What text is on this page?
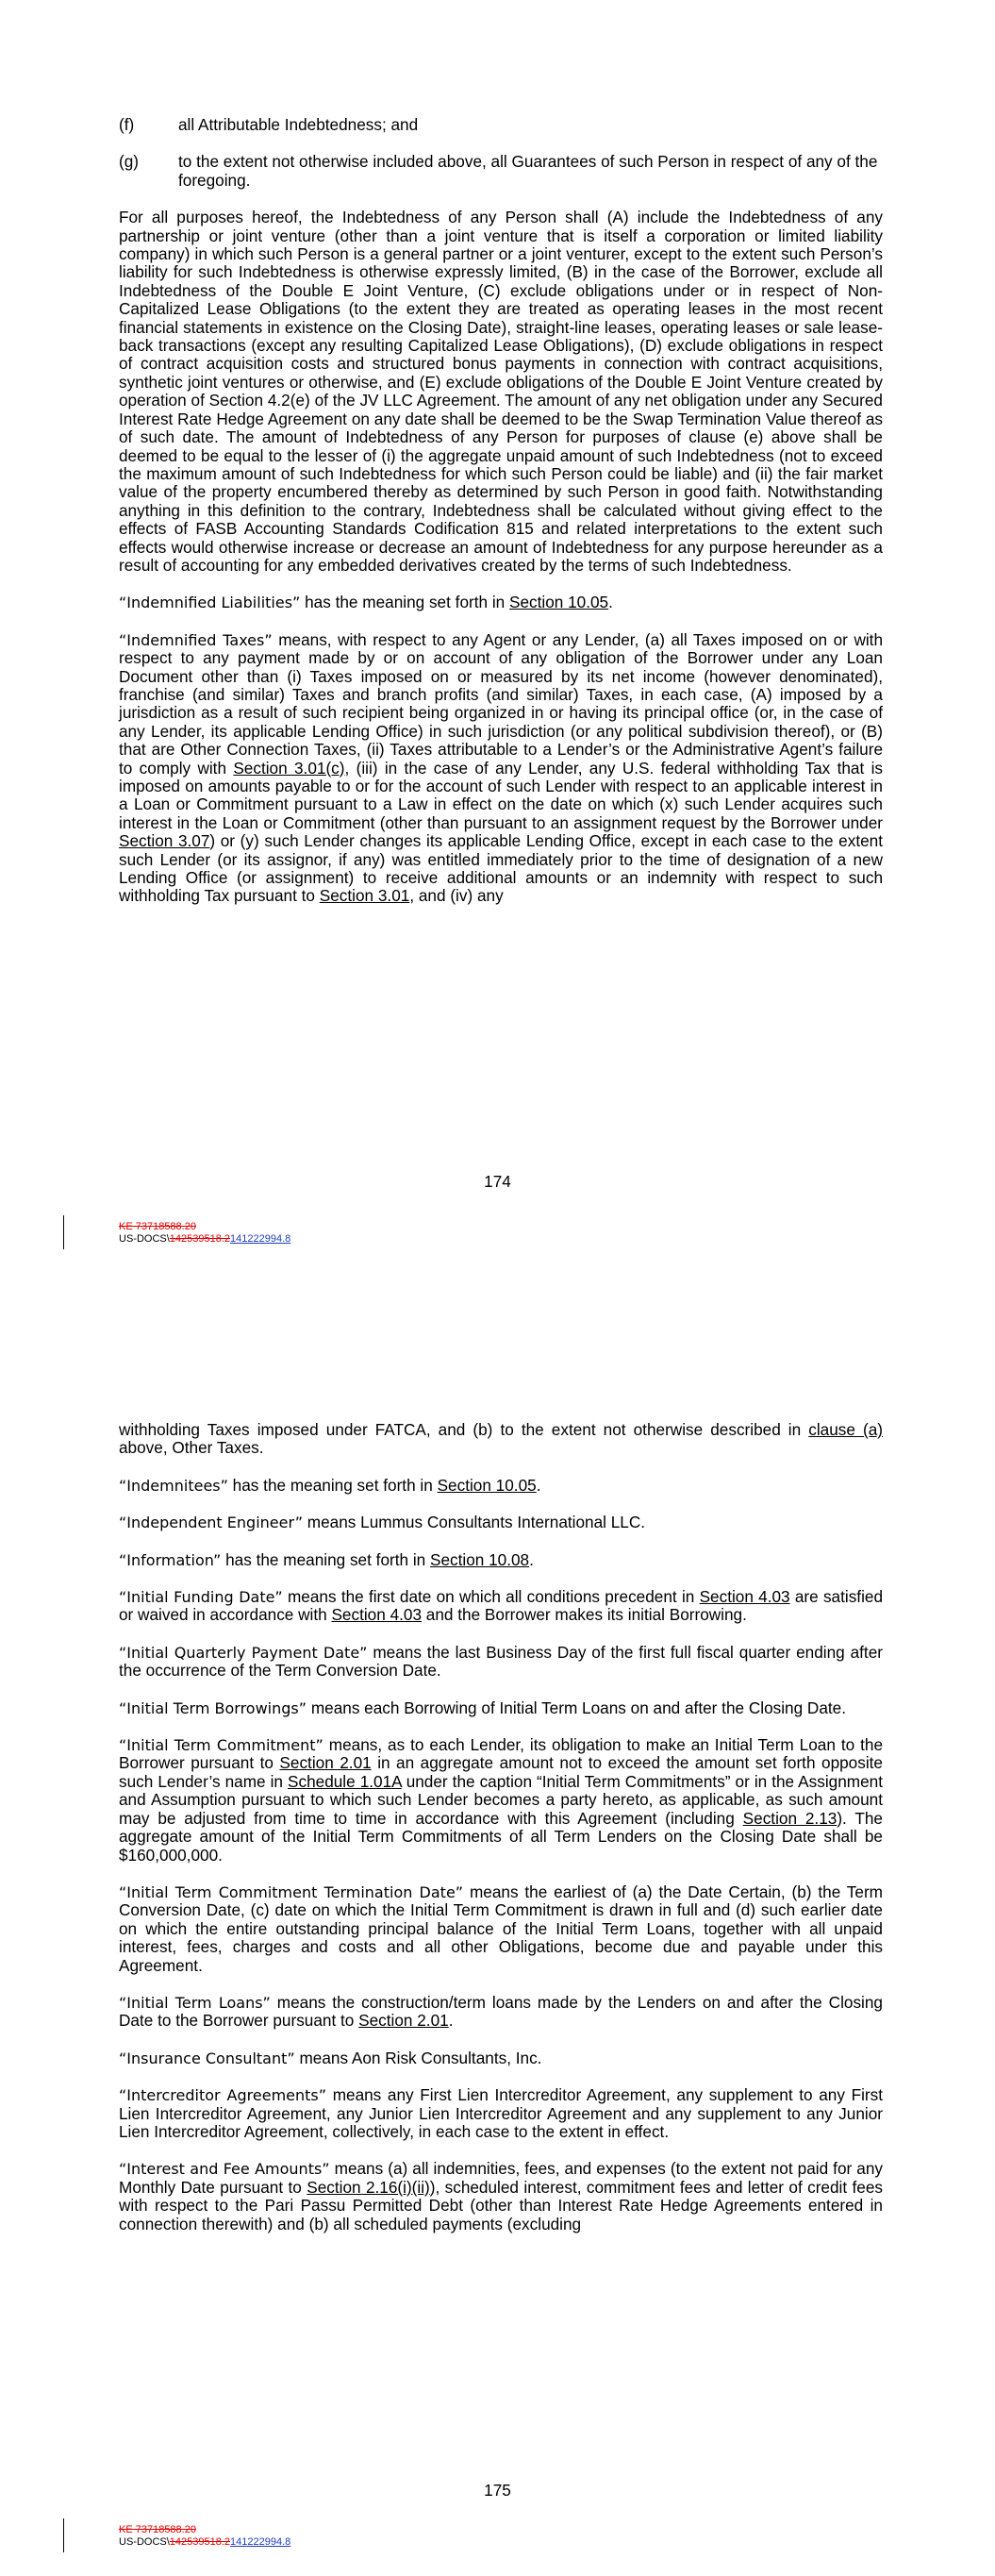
(f)	all Attributable Indebtedness; and
(g)	to the extent not otherwise included above, all Guarantees of such Person in respect of any of the foregoing.

For all purposes hereof, the Indebtedness of any Person shall (A) include the Indebtedness of any partnership or joint venture (other than a joint venture that is itself a corporation or limited liability company) in which such Person is a general partner or a joint venturer, except to the extent such Person’s liability for such Indebtedness is otherwise expressly limited, (B) in the case of the Borrower, exclude all Indebtedness of the Double E Joint Venture, (C) exclude obligations under or in respect of Non-Capitalized Lease Obligations (to the extent they are treated as operating leases in the most recent financial statements in existence on the Closing Date), straight-line leases, operating leases or sale lease-back transactions (except any resulting Capitalized Lease Obligations), (D) exclude obligations in respect of contract acquisition costs and structured bonus payments in connection with contract acquisitions, synthetic joint ventures or otherwise, and (E) exclude obligations of the Double E Joint Venture created by operation of Section 4.2(e) of the JV LLC Agreement. The amount of any net obligation under any Secured Interest Rate Hedge Agreement on any date shall be deemed to be the Swap Termination Value thereof as of such date. The amount of Indebtedness of any Person for purposes of clause (e) above shall be deemed to be equal to the lesser of (i) the aggregate unpaid amount of such Indebtedness (not to exceed the maximum amount of such Indebtedness for which such Person could be liable) and (ii) the fair market value of the property encumbered thereby as determined by such Person in good faith. Notwithstanding anything in this definition to the contrary, Indebtedness shall be calculated without giving effect to the effects of FASB Accounting Standards Codification 815 and related interpretations to the extent such effects would otherwise increase or decrease an amount of Indebtedness for any purpose hereunder as a result of accounting for any embedded derivatives created by the terms of such Indebtedness.

“Indemnified Liabilities” has the meaning set forth in Section 10.05.

“Indemnified Taxes” means, with respect to any Agent or any Lender, (a) all Taxes imposed on or with respect to any payment made by or on account of any obligation of the Borrower under any Loan Document other than (i) Taxes imposed on or measured by its net income (however denominated), franchise (and similar) Taxes and branch profits (and similar) Taxes, in each case, (A) imposed by a jurisdiction as a result of such recipient being organized in or having its principal office (or, in the case of any Lender, its applicable Lending Office) in such jurisdiction (or any political subdivision thereof), or (B) that are Other Connection Taxes, (ii) Taxes attributable to a Lender’s or the Administrative Agent’s failure to comply with Section 3.01(c), (iii) in the case of any Lender, any U.S. federal withholding Tax that is imposed on amounts payable to or for the account of such Lender with respect to an applicable interest in a Loan or Commitment pursuant to a Law in effect on the date on which (x) such Lender acquires such interest in the Loan or Commitment (other than pursuant to an assignment request by the Borrower under Section 3.07) or (y) such Lender changes its applicable Lending Office, except in each case to the extent such Lender (or its assignor, if any) was entitled immediately prior to the time of designation of a new Lending Office (or assignment) to receive additional amounts or an indemnity with respect to such withholding Tax pursuant to Section 3.01, and (iv) any

174
KE 73718588.20
US-DOCS\142539518.2141222994.8

withholding Taxes imposed under FATCA, and (b) to the extent not otherwise described in clause (a) above, Other Taxes.

“Indemnitees” has the meaning set forth in Section 10.05.

“Independent Engineer” means Lummus Consultants International LLC.

“Information” has the meaning set forth in Section 10.08.

“Initial Funding Date” means the first date on which all conditions precedent in Section 4.03 are satisfied or waived in accordance with Section 4.03 and the Borrower makes its initial Borrowing.

“Initial Quarterly Payment Date” means the last Business Day of the first full fiscal quarter ending after the occurrence of the Term Conversion Date.

“Initial Term Borrowings” means each Borrowing of Initial Term Loans on and after the Closing Date.

“Initial Term Commitment” means, as to each Lender, its obligation to make an Initial Term Loan to the Borrower pursuant to Section 2.01 in an aggregate amount not to exceed the amount set forth opposite such Lender’s name in Schedule 1.01A under the caption “Initial Term Commitments” or in the Assignment and Assumption pursuant to which such Lender becomes a party hereto, as applicable, as such amount may be adjusted from time to time in accordance with this Agreement (including Section 2.13). The aggregate amount of the Initial Term Commitments of all Term Lenders on the Closing Date shall be $160,000,000.

“Initial Term Commitment Termination Date” means the earliest of (a) the Date Certain, (b) the Term Conversion Date, (c) date on which the Initial Term Commitment is drawn in full and (d) such earlier date on which the entire outstanding principal balance of the Initial Term Loans, together with all unpaid interest, fees, charges and costs and all other Obligations, become due and payable under this Agreement.

“Initial Term Loans” means the construction/term loans made by the Lenders on and after the Closing Date to the Borrower pursuant to Section 2.01.

“Insurance Consultant” means Aon Risk Consultants, Inc.

“Intercreditor Agreements” means any First Lien Intercreditor Agreement, any supplement to any First Lien Intercreditor Agreement, any Junior Lien Intercreditor Agreement and any supplement to any Junior Lien Intercreditor Agreement, collectively, in each case to the extent in effect.

“Interest and Fee Amounts” means (a) all indemnities, fees, and expenses (to the extent not paid for any Monthly Date pursuant to Section 2.16(i)(ii)), scheduled interest, commitment fees and letter of credit fees with respect to the Pari Passu Permitted Debt (other than Interest Rate Hedge Agreements entered in connection therewith) and (b) all scheduled payments (excluding

175
KE 73718588.20
US-DOCS\142539518.2141222994.8
